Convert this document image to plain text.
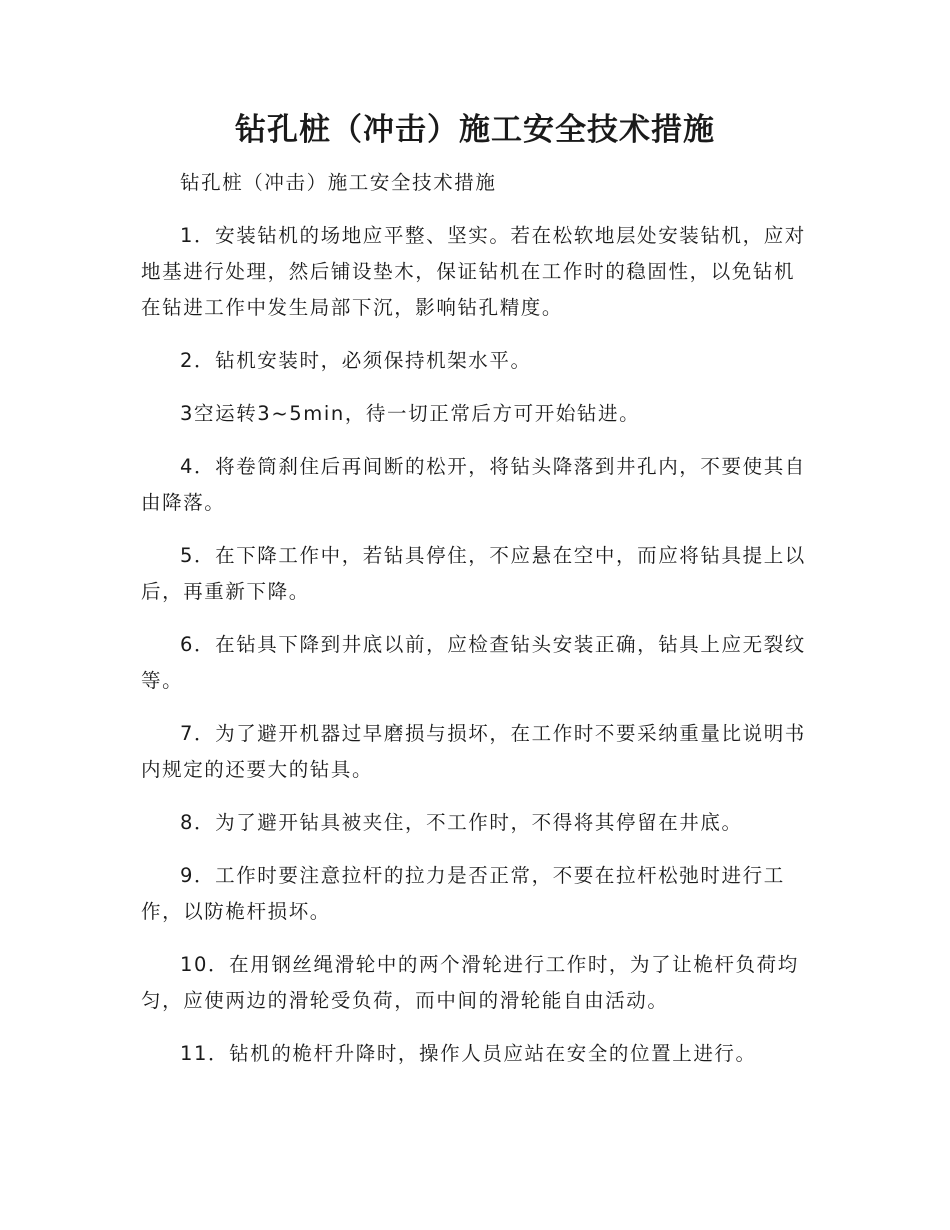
钻孔桩（冲击）施工安全技术措施

钻孔桩（冲击）施工安全技术措施

1．安装钻机的场地应平整、坚实。若在松软地层处安装钻机，应对地基进行处理，然后铺设垫木，保证钻机在工作时的稳固性，以免钻机在钻进工作中发生局部下沉，影响钻孔精度。

2．钻机安装时，必须保持机架水平。

3空运转3~5min，待一切正常后方可开始钻进。

4．将卷筒刹住后再间断的松开，将钻头降落到井孔内，不要使其自由降落。

5．在下降工作中，若钻具停住，不应悬在空中，而应将钻具提上以后，再重新下降。

6．在钻具下降到井底以前，应检查钻头安装正确，钻具上应无裂纹等。

7．为了避开机器过早磨损与损坏，在工作时不要采纳重量比说明书内规定的还要大的钻具。

8．为了避开钻具被夹住，不工作时，不得将其停留在井底。

9．工作时要注意拉杆的拉力是否正常，不要在拉杆松弛时进行工作，以防桅杆损坏。

10．在用钢丝绳滑轮中的两个滑轮进行工作时，为了让桅杆负荷均匀，应使两边的滑轮受负荷，而中间的滑轮能自由活动。

11．钻机的桅杆升降时，操作人员应站在安全的位置上进行。
